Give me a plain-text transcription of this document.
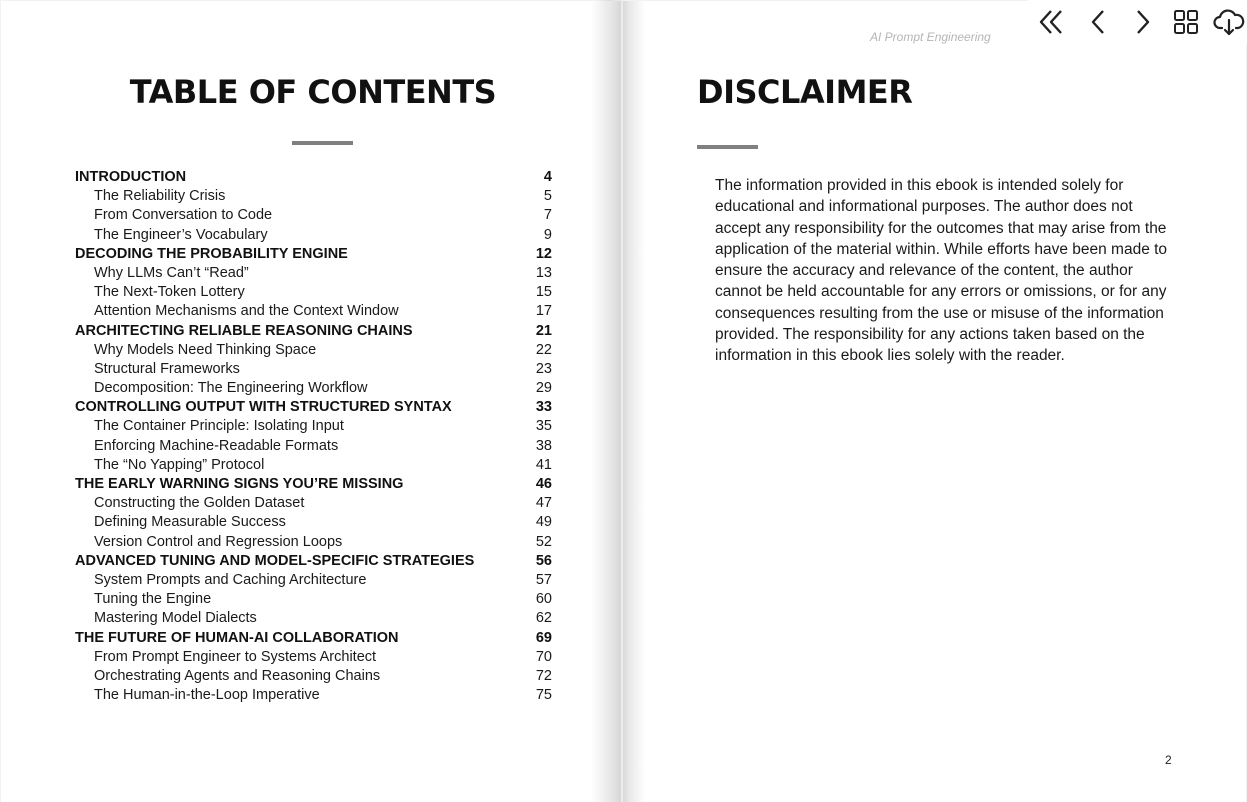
TABLE OF CONTENTS
INTRODUCTION	4
The Reliability Crisis	5
From Conversation to Code	7
The Engineer’s Vocabulary	9
DECODING THE PROBABILITY ENGINE	12
Why LLMs Can’t “Read”	13
The Next-Token Lottery	15
Attention Mechanisms and the Context Window	17
ARCHITECTING RELIABLE REASONING CHAINS	21
Why Models Need Thinking Space	22
Structural Frameworks	23
Decomposition: The Engineering Workflow	29
CONTROLLING OUTPUT WITH STRUCTURED SYNTAX	33
The Container Principle: Isolating Input	35
Enforcing Machine-Readable Formats	38
The “No Yapping” Protocol	41
THE EARLY WARNING SIGNS YOU’RE MISSING	46
Constructing the Golden Dataset	47
Defining Measurable Success	49
Version Control and Regression Loops	52
ADVANCED TUNING AND MODEL-SPECIFIC STRATEGIES	56
System Prompts and Caching Architecture	57
Tuning the Engine	60
Mastering Model Dialects	62
THE FUTURE OF HUMAN-AI COLLABORATION	69
From Prompt Engineer to Systems Architect	70
Orchestrating Agents and Reasoning Chains	72
The Human-in-the-Loop Imperative	75
AI Prompt Engineering
DISCLAIMER

The information provided in this ebook is intended solely for educational and informational purposes. The author does not accept any responsibility for the outcomes that may arise from the application of the material within. While efforts have been made to ensure the accuracy and relevance of the content, the author cannot be held accountable for any errors or omissions, or for any consequences resulting from the use or misuse of the information provided. The responsibility for any actions taken based on the information in this ebook lies solely with the reader.

2
